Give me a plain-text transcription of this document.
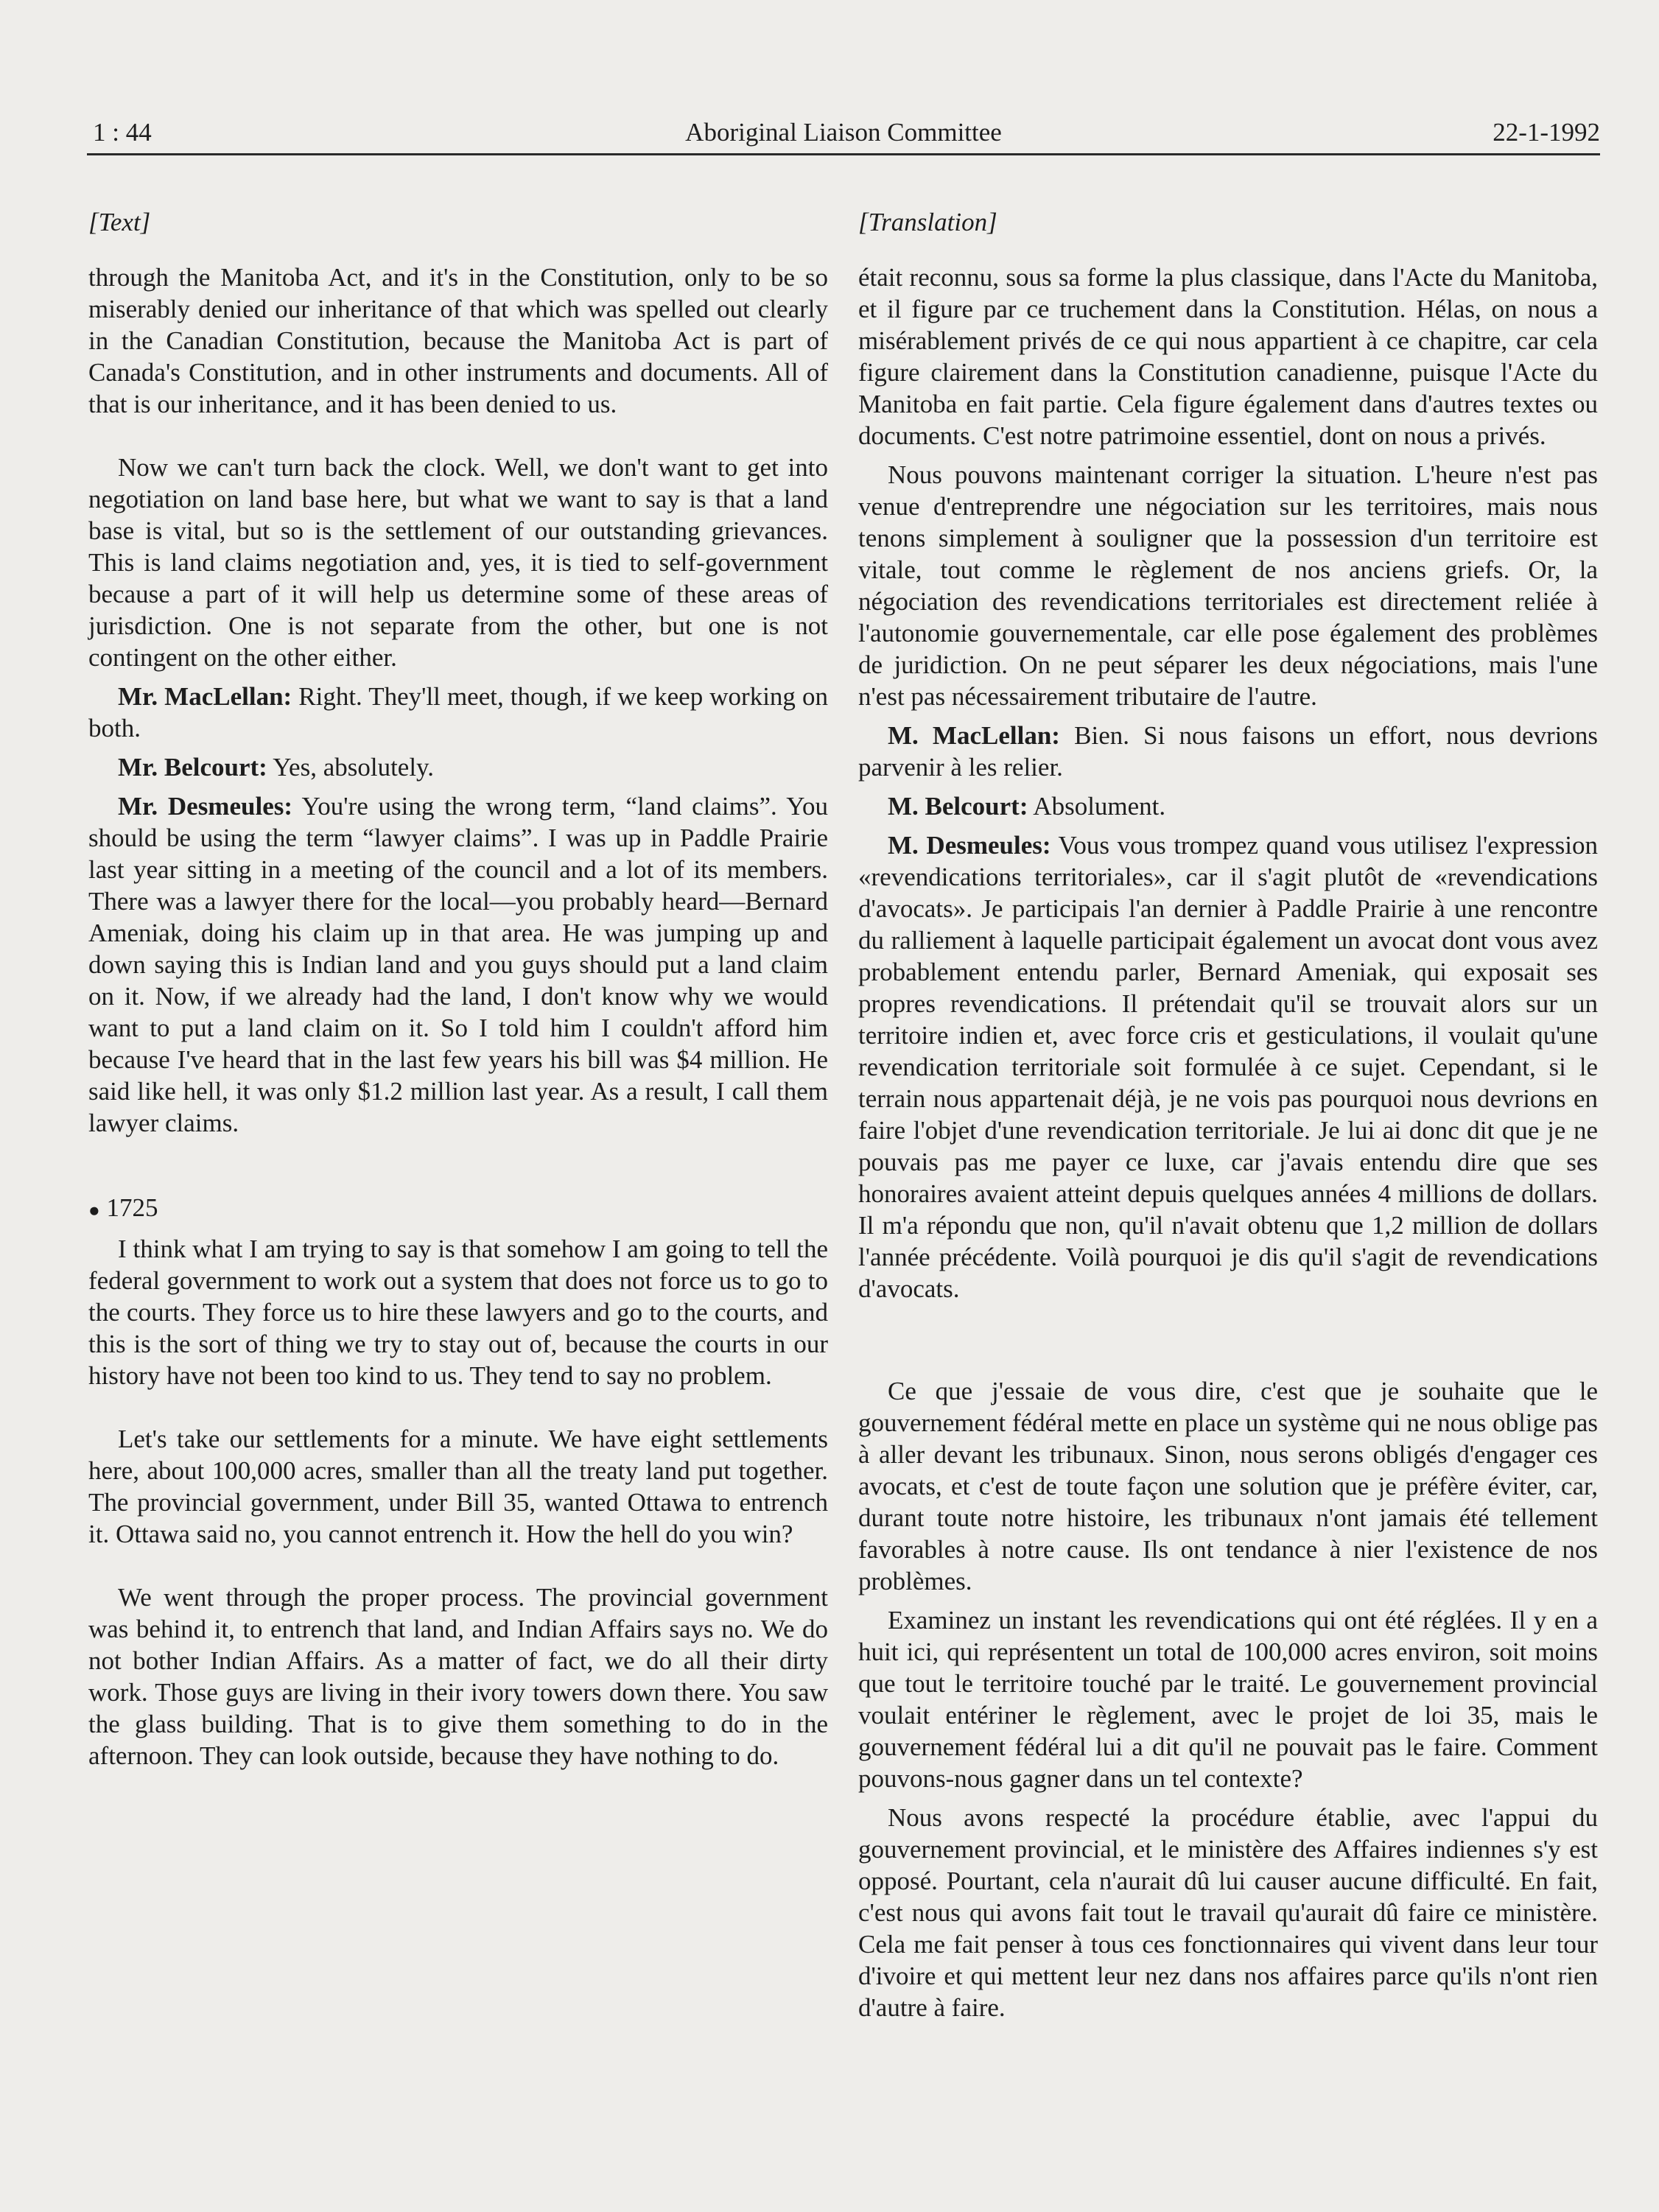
1 : 44	Aboriginal Liaison Committee	22-1-1992
[Text]

through the Manitoba Act, and it's in the Constitution, only to be so miserably denied our inheritance of that which was spelled out clearly in the Canadian Constitution, because the Manitoba Act is part of Canada's Constitution, and in other instruments and documents. All of that is our inheritance, and it has been denied to us.

Now we can't turn back the clock. Well, we don't want to get into negotiation on land base here, but what we want to say is that a land base is vital, but so is the settlement of our outstanding grievances. This is land claims negotiation and, yes, it is tied to self-government because a part of it will help us determine some of these areas of jurisdiction. One is not separate from the other, but one is not contingent on the other either.

Mr. MacLellan: Right. They'll meet, though, if we keep working on both.

Mr. Belcourt: Yes, absolutely.

Mr. Desmeules: You're using the wrong term, “land claims”. You should be using the term “lawyer claims”. I was up in Paddle Prairie last year sitting in a meeting of the council and a lot of its members. There was a lawyer there for the local—you probably heard—Bernard Ameniak, doing his claim up in that area. He was jumping up and down saying this is Indian land and you guys should put a land claim on it. Now, if we already had the land, I don't know why we would want to put a land claim on it. So I told him I couldn't afford him because I've heard that in the last few years his bill was $4 million. He said like hell, it was only $1.2 million last year. As a result, I call them lawyer claims.

● 1725

I think what I am trying to say is that somehow I am going to tell the federal government to work out a system that does not force us to go to the courts. They force us to hire these lawyers and go to the courts, and this is the sort of thing we try to stay out of, because the courts in our history have not been too kind to us. They tend to say no problem.

Let's take our settlements for a minute. We have eight settlements here, about 100,000 acres, smaller than all the treaty land put together. The provincial government, under Bill 35, wanted Ottawa to entrench it. Ottawa said no, you cannot entrench it. How the hell do you win?

We went through the proper process. The provincial government was behind it, to entrench that land, and Indian Affairs says no. We do not bother Indian Affairs. As a matter of fact, we do all their dirty work. Those guys are living in their ivory towers down there. You saw the glass building. That is to give them something to do in the afternoon. They can look outside, because they have nothing to do.

[Translation]

était reconnu, sous sa forme la plus classique, dans l'Acte du Manitoba, et il figure par ce truchement dans la Constitution. Hélas, on nous a misérablement privés de ce qui nous appartient à ce chapitre, car cela figure clairement dans la Constitution canadienne, puisque l'Acte du Manitoba en fait partie. Cela figure également dans d'autres textes ou documents. C'est notre patrimoine essentiel, dont on nous a privés.

Nous pouvons maintenant corriger la situation. L'heure n'est pas venue d'entreprendre une négociation sur les territoires, mais nous tenons simplement à souligner que la possession d'un territoire est vitale, tout comme le règlement de nos anciens griefs. Or, la négociation des revendications territoriales est directement reliée à l'autonomie gouvernementale, car elle pose également des problèmes de juridiction. On ne peut séparer les deux négociations, mais l'une n'est pas nécessairement tributaire de l'autre.

M. MacLellan: Bien. Si nous faisons un effort, nous devrions parvenir à les relier.

M. Belcourt: Absolument.

M. Desmeules: Vous vous trompez quand vous utilisez l'expression «revendications territoriales», car il s'agit plutôt de «revendications d'avocats». Je participais l'an dernier à Paddle Prairie à une rencontre du ralliement à laquelle participait également un avocat dont vous avez probablement entendu parler, Bernard Ameniak, qui exposait ses propres revendications. Il prétendait qu'il se trouvait alors sur un territoire indien et, avec force cris et gesticulations, il voulait qu'une revendication territoriale soit formulée à ce sujet. Cependant, si le terrain nous appartenait déjà, je ne vois pas pourquoi nous devrions en faire l'objet d'une revendication territoriale. Je lui ai donc dit que je ne pouvais pas me payer ce luxe, car j'avais entendu dire que ses honoraires avaient atteint depuis quelques années 4 millions de dollars. Il m'a répondu que non, qu'il n'avait obtenu que 1,2 million de dollars l'année précédente. Voilà pourquoi je dis qu'il s'agit de revendications d'avocats.

Ce que j'essaie de vous dire, c'est que je souhaite que le gouvernement fédéral mette en place un système qui ne nous oblige pas à aller devant les tribunaux. Sinon, nous serons obligés d'engager ces avocats, et c'est de toute façon une solution que je préfère éviter, car, durant toute notre histoire, les tribunaux n'ont jamais été tellement favorables à notre cause. Ils ont tendance à nier l'existence de nos problèmes.

Examinez un instant les revendications qui ont été réglées. Il y en a huit ici, qui représentent un total de 100,000 acres environ, soit moins que tout le territoire touché par le traité. Le gouvernement provincial voulait entériner le règlement, avec le projet de loi 35, mais le gouvernement fédéral lui a dit qu'il ne pouvait pas le faire. Comment pouvons-nous gagner dans un tel contexte?

Nous avons respecté la procédure établie, avec l'appui du gouvernement provincial, et le ministère des Affaires indiennes s'y est opposé. Pourtant, cela n'aurait dû lui causer aucune difficulté. En fait, c'est nous qui avons fait tout le travail qu'aurait dû faire ce ministère. Cela me fait penser à tous ces fonctionnaires qui vivent dans leur tour d'ivoire et qui mettent leur nez dans nos affaires parce qu'ils n'ont rien d'autre à faire.
